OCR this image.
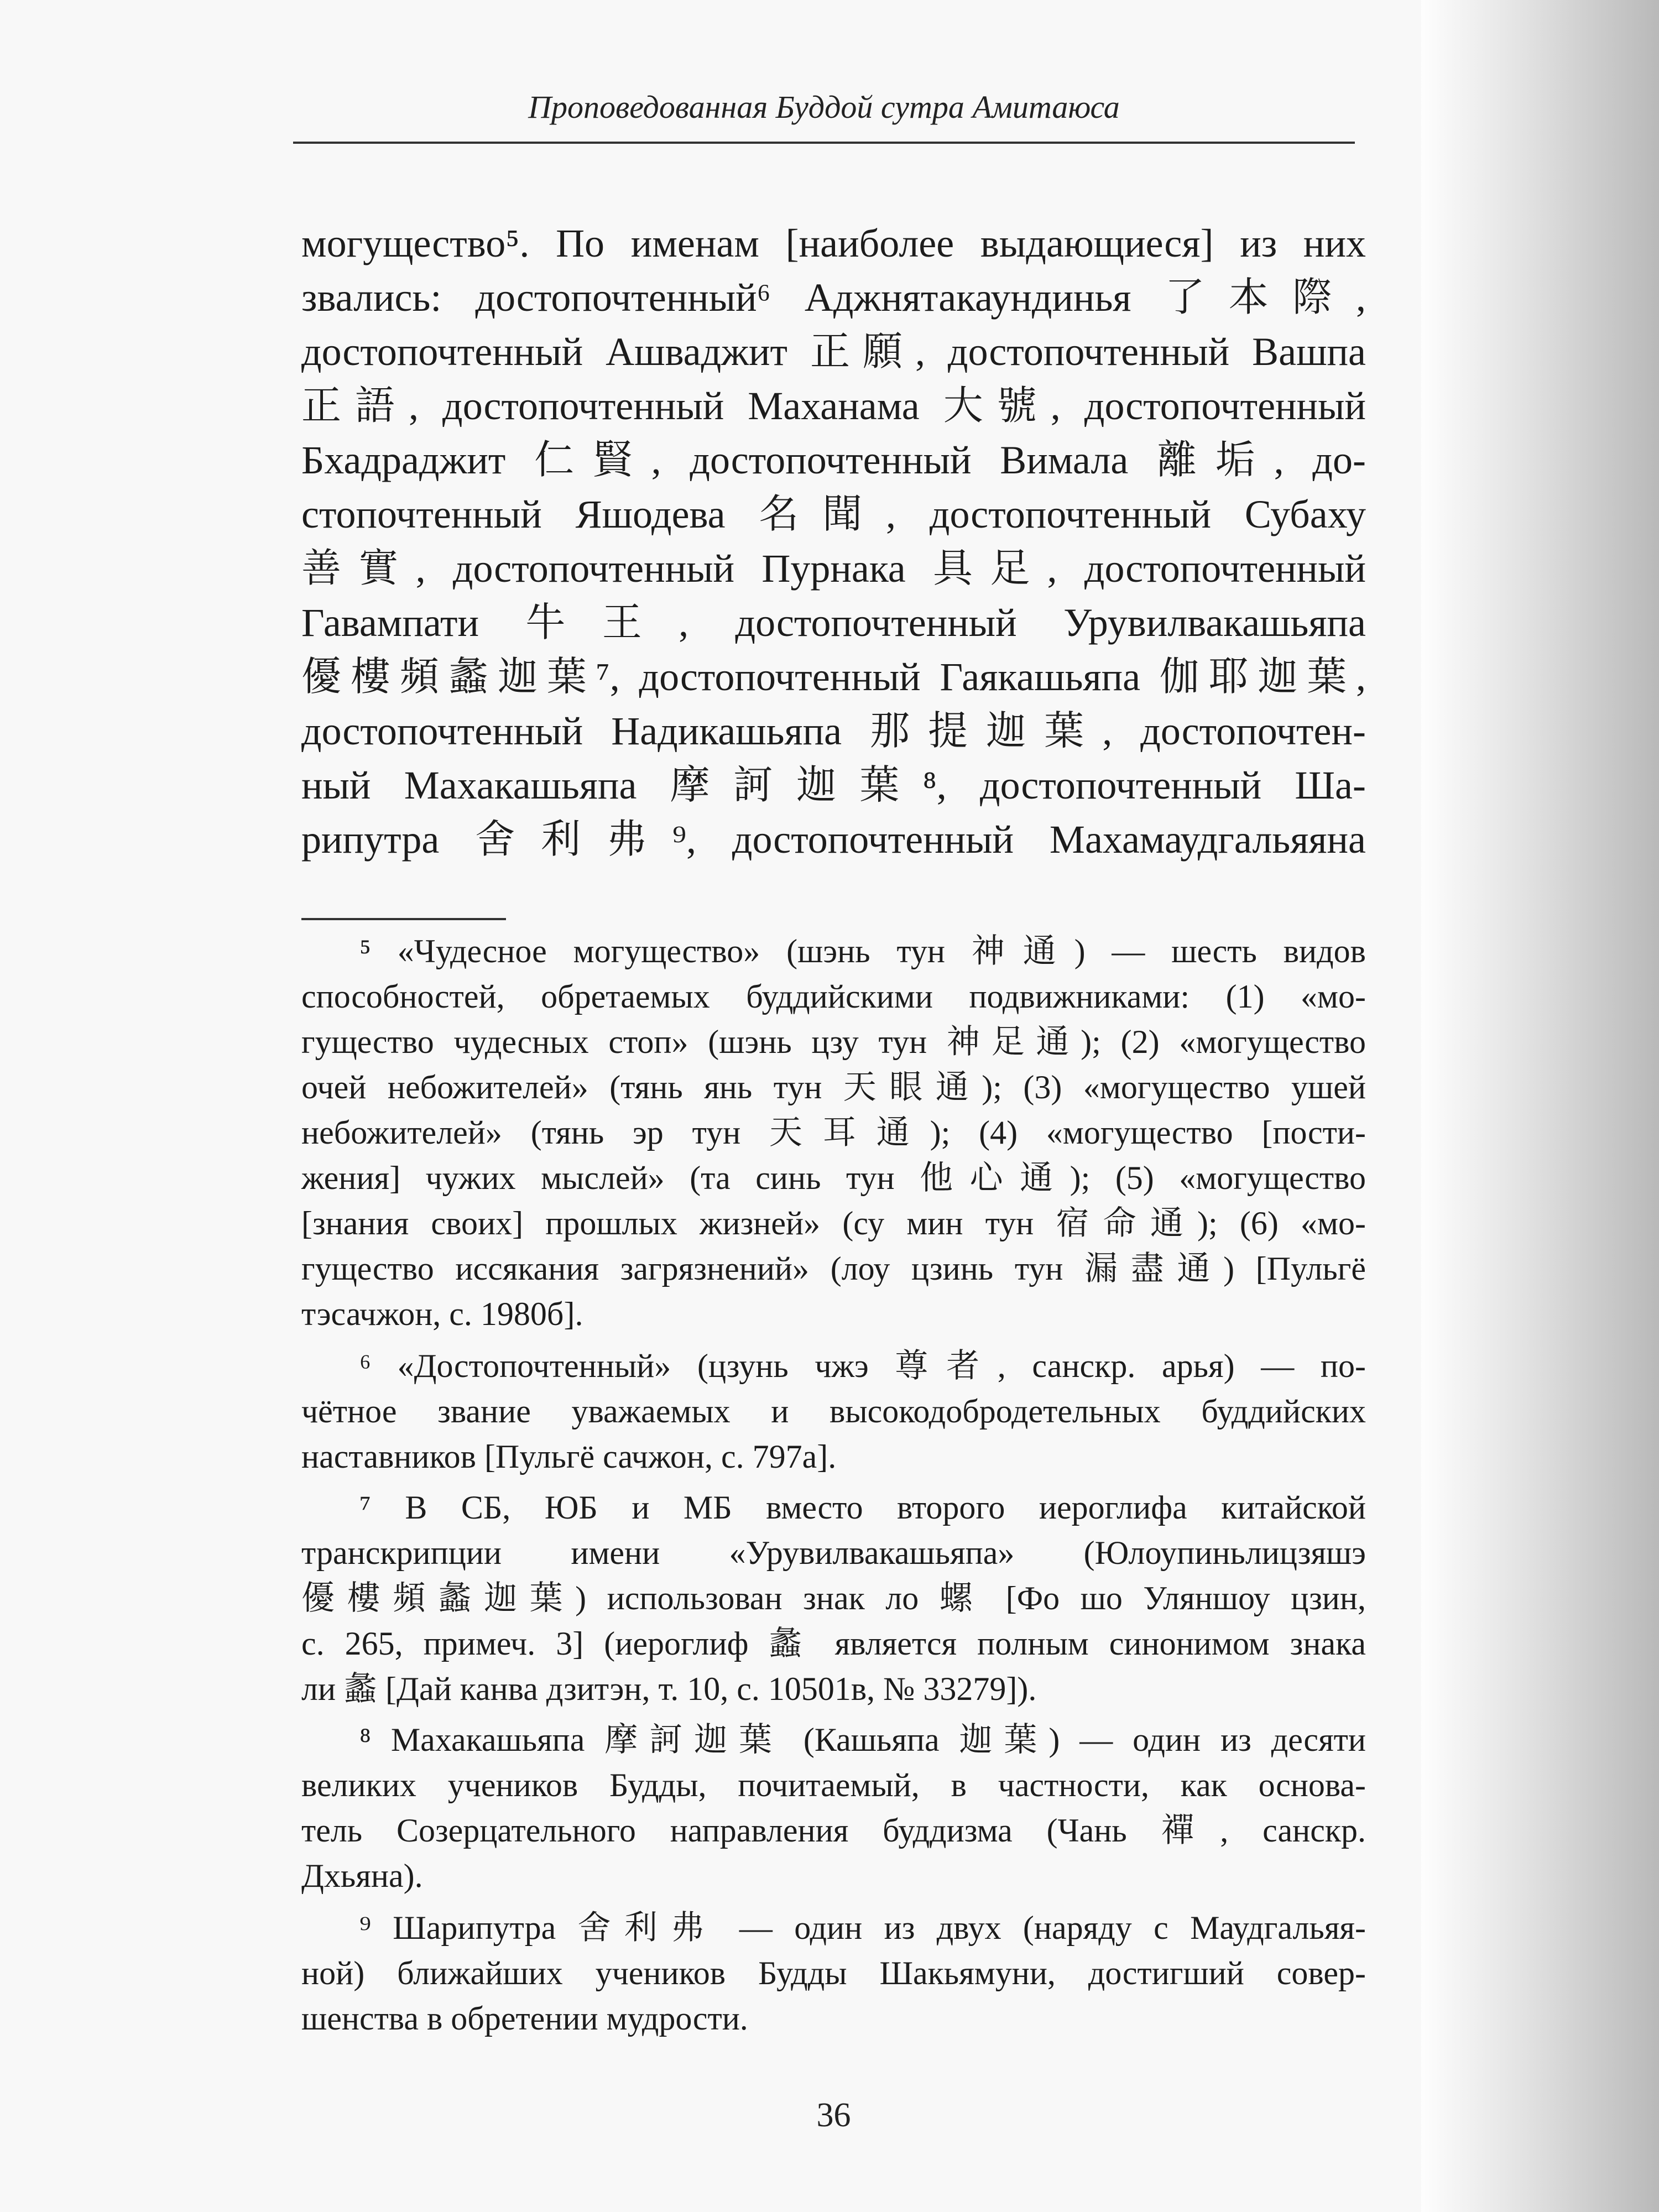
Проповедованная Буддой сутра Амитаюса
могущество⁵. По именам [наиболее выдающиеся] из них
звались: достопочтенный⁶ Аджнятакаундинья 了本際,
достопочтенный Ашваджит 正願, достопочтенный Вашпа
正語, достопочтенный Маханама 大號, достопочтенный
Бхадраджит 仁賢, достопочтенный Вимала 離垢, до-
стопочтенный Яшодева 名聞, достопочтенный Субаху
善實, достопочтенный Пурнака 具足, достопочтенный
Гавампати 牛王, достопочтенный Урувилвакашьяпа
優樓頻蠡迦葉⁷, достопочтенный Гаякашьяпа 伽耶迦葉,
достопочтенный Надикашьяпа 那提迦葉, достопочтен-
ный Махакашьяпа 摩訶迦葉⁸, достопочтенный Ша-
рипутра 舍利弗⁹, достопочтенный Махамаудгальяяна
⁵ «Чудесное могущество» (шэнь тун 神通) — шесть видов
способностей, обретаемых буддийскими подвижниками: (1) «мо-
гущество чудесных стоп» (шэнь цзу тун 神足通); (2) «могущество
очей небожителей» (тянь янь тун 天眼通); (3) «могущество ушей
небожителей» (тянь эр тун 天耳通); (4) «могущество [пости-
жения] чужих мыслей» (та синь тун 他心通); (5) «могущество
[знания своих] прошлых жизней» (су мин тун 宿命通); (6) «мо-
гущество иссякания загрязнений» (лоу цзинь тун 漏盡通) [Пульгё
тэсачжон, с. 1980б].
⁶ «Достопочтенный» (цзунь чжэ 尊者, санскр. арья) — по-
чётное звание уважаемых и высокодобродетельных буддийских
наставников [Пульгё сачжон, с. 797а].
⁷ В СБ, ЮБ и МБ вместо второго иероглифа китайской
транскрипции имени «Урувилвакашьяпа» (Юлоупиньлицзяшэ
優樓頻蠡迦葉) использован знак ло 螺 [Фо шо Уляншоу цзин,
с. 265, примеч. 3] (иероглиф 蠡 является полным синонимом знака
ли 蠡 [Дай канва дзитэн, т. 10, с. 10501в, № 33279]).
⁸ Махакашьяпа 摩訶迦葉 (Кашьяпа 迦葉) — один из десяти
великих учеников Будды, почитаемый, в частности, как основа-
тель Созерцательного направления буддизма (Чань 禪, санскр.
Дхьяна).
⁹ Шарипутра 舍利弗 — один из двух (наряду с Маудгальяя-
ной) ближайших учеников Будды Шакьямуни, достигший совер-
шенства в обретении мудрости.
36
